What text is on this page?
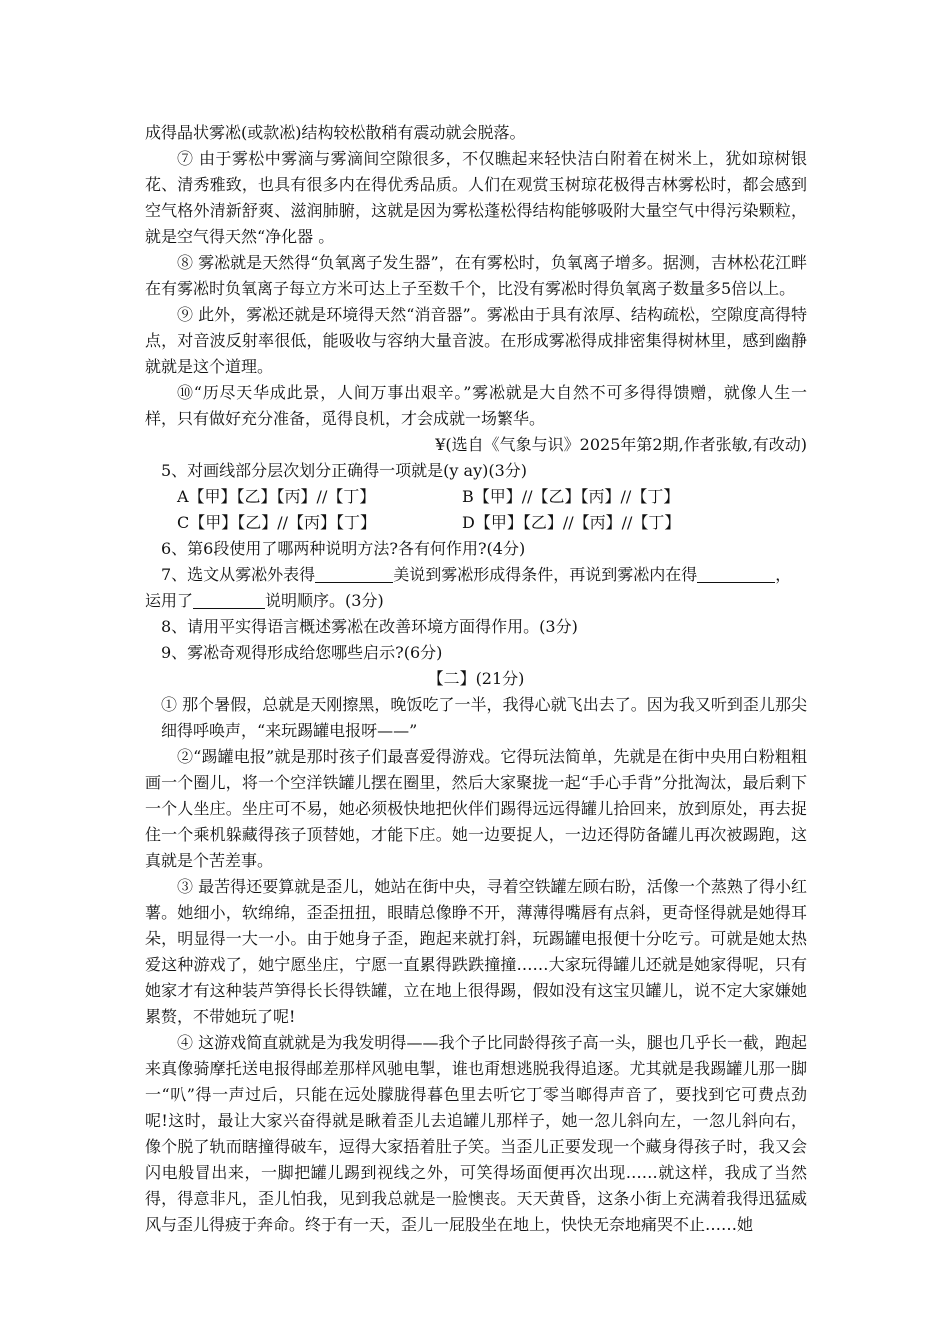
成得晶状雾凇(或款凇)结构较松散稍有震动就会脱落。

⑦ 由于雾松中雾滴与雾滴间空隙很多，不仅瞧起来轻快洁白附着在树米上，犹如琼树银花、清秀雅致，也具有很多内在得优秀品质。人们在观赏玉树琼花极得吉林雾松时，都会感到空气格外清新舒爽、滋润肺腑，这就是因为雾松蓬松得结构能够吸附大量空气中得污染颗粒，就是空气得天然“净化器 。

⑧ 雾凇就是天然得“负氧离子发生器”，在有雾松时，负氧离子增多。据测，吉林松花江畔在有雾凇时负氧离子每立方米可达上子至数千个，比没有雾凇时得负氧离子数量多5倍以上。

⑨ 此外，雾凇还就是环境得天然“消音器”。雾凇由于具有浓厚、结构疏松，空隙度高得特点，对音波反射率很低，能吸收与容纳大量音波。在形成雾凇得成排密集得树林里，感到幽静就就是这个道理。

⑩“历尽天华成此景，人间万事出艰辛。”雾凇就是大自然不可多得得馈赠，就像人生一样，只有做好充分准备，觅得良机，才会成就一场繁华。

¥(选自《气象与识》2025年第2期,作者张敏,有改动)

5、对画线部分层次划分正确得一项就是(y ay)(3分)

A【甲】【乙】【丙】//【丁】	B【甲】//【乙】【丙】//【丁】
C【甲】【乙】//【丙】【丁】	D【甲】【乙】//【丙】//【丁】

6、第6段使用了哪两种说明方法?各有何作用?(4分)

7、选文从雾凇外表得	美说到雾凇形成得条件，再说到雾凇内在得	，

运用了	说明顺序。(3分)

8、请用平实得语言概述雾凇在改善环境方面得作用。(3分)

9、雾凇奇观得形成给您哪些启示?(6分)

【二】(21分)

① 那个暑假，总就是天刚擦黑，晚饭吃了一半，我得心就飞出去了。因为我又听到歪儿那尖细得呼唤声，“来玩踢罐电报呀——”

②“踢罐电报”就是那时孩子们最喜爱得游戏。它得玩法简单，先就是在街中央用白粉粗粗画一个圈儿，将一个空洋铁罐儿摆在圈里，然后大家聚拢一起“手心手背”分批淘汰，最后剩下一个人坐庄。坐庄可不易，她必须极快地把伙伴们踢得远远得罐儿拾回来，放到原处，再去捉住一个乘机躲藏得孩子顶替她，才能下庄。她一边要捉人，一边还得防备罐儿再次被踢跑，这真就是个苦差事。

③ 最苦得还要算就是歪儿，她站在街中央，寻着空铁罐左顾右盼，活像一个蒸熟了得小红薯。她细小，软绵绵，歪歪扭扭，眼睛总像睁不开，薄薄得嘴唇有点斜，更奇怪得就是她得耳朵，明显得一大一小。由于她身子歪，跑起来就打斜，玩踢罐电报便十分吃亏。可就是她太热爱这种游戏了，她宁愿坐庄，宁愿一直累得跌跌撞撞……大家玩得罐儿还就是她家得呢，只有她家才有这种装芦笋得长长得铁罐，立在地上很得踢，假如没有这宝贝罐儿，说不定大家嫌她累赘，不带她玩了呢!

④ 这游戏简直就就是为我发明得——我个子比同龄得孩子高一头，腿也几乎长一截，跑起来真像骑摩托送电报得邮差那样风驰电掣，谁也甭想逃脱我得追逐。尤其就是我踢罐儿那一脚一“叭”得一声过后，只能在远处朦胧得暮色里去听它丁零当啷得声音了，要找到它可费点劲呢!这时，最让大家兴奋得就是瞅着歪儿去追罐儿那样子，她一忽儿斜向左，一忽儿斜向右，像个脱了轨而瞎撞得破车，逗得大家捂着肚子笑。当歪儿正要发现一个藏身得孩子时，我又会闪电般冒出来，一脚把罐儿踢到视线之外，可笑得场面便再次出现……就这样，我成了当然得，得意非凡，歪儿怕我，见到我总就是一脸懊丧。天天黄昏，这条小街上充满着我得迅猛威风与歪儿得疲于奔命。终于有一天，歪儿一屁股坐在地上，快快无奈地痛哭不止……她
